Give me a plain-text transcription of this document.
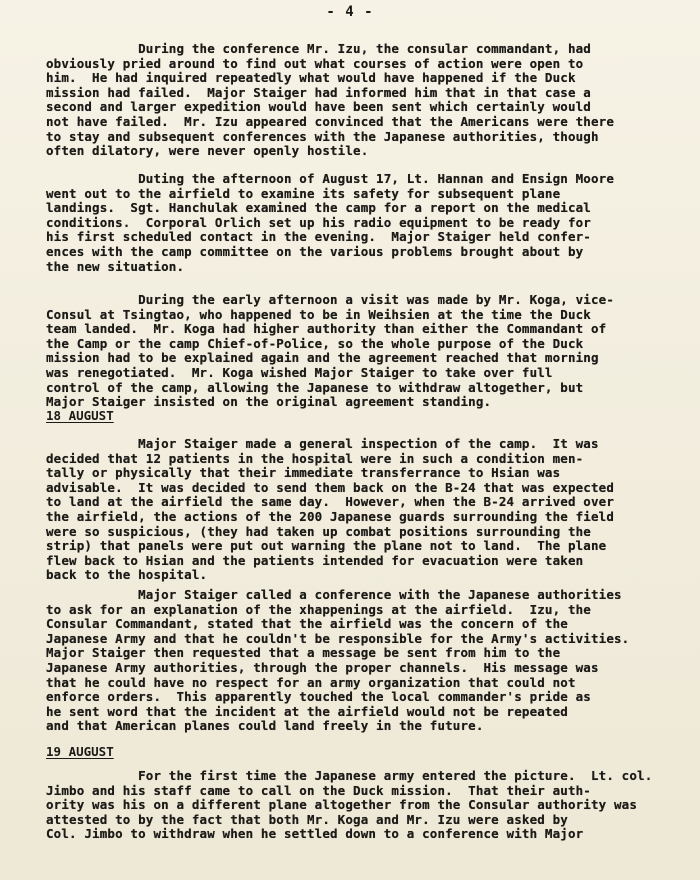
- 4 -
During the conference Mr. Izu, the consular commandant, had
obviously pried around to find out what courses of action were open to
him.  He had inquired repeatedly what would have happened if the Duck
mission had failed.  Major Staiger had informed him that in that case a
second and larger expedition would have been sent which certainly would
not have failed.  Mr. Izu appeared convinced that the Americans were there
to stay and subsequent conferences with the Japanese authorities, though
often dilatory, were never openly hostile.
Duting the afternoon of August 17, Lt. Hannan and Ensign Moore
went out to the airfield to examine its safety for subsequent plane
landings.  Sgt. Hanchulak examined the camp for a report on the medical
conditions.  Corporal Orlich set up his radio equipment to be ready for
his first scheduled contact in the evening.  Major Staiger held confer-
ences with the camp committee on the various problems brought about by
the new situation.
During the early afternoon a visit was made by Mr. Koga, vice-
Consul at Tsingtao, who happened to be in Weihsien at the time the Duck
team landed.  Mr. Koga had higher authority than either the Commandant of
the Camp or the camp Chief-of-Police, so the whole purpose of the Duck
mission had to be explained again and the agreement reached that morning
was renegotiated.  Mr. Koga wished Major Staiger to take over full
control of the camp, allowing the Japanese to withdraw altogether, but
Major Staiger insisted on the original agreement standing.
18 AUGUST
Major Staiger made a general inspection of the camp.  It was
decided that 12 patients in the hospital were in such a condition men-
tally or physically that their immediate transferrance to Hsian was
advisable.  It was decided to send them back on the B-24 that was expected
to land at the airfield the same day.  However, when the B-24 arrived over
the airfield, the actions of the 200 Japanese guards surrounding the field
were so suspicious, (they had taken up combat positions surrounding the
strip) that panels were put out warning the plane not to land.  The plane
flew back to Hsian and the patients intended for evacuation were taken
back to the hospital.
Major Staiger called a conference with the Japanese authorities
to ask for an explanation of the xhappenings at the airfield.  Izu, the
Consular Commandant, stated that the airfield was the concern of the
Japanese Army and that he couldn't be responsible for the Army's activities.
Major Staiger then requested that a message be sent from him to the
Japanese Army authorities, through the proper channels.  His message was
that he could have no respect for an army organization that could not
enforce orders.  This apparently touched the local commander's pride as
he sent word that the incident at the airfield would not be repeated
and that American planes could land freely in the future.
19 AUGUST
For the first time the Japanese army entered the picture.  Lt. col.
Jimbo and his staff came to call on the Duck mission.  That their auth-
ority was his on a different plane altogether from the Consular authority was
attested to by the fact that both Mr. Koga and Mr. Izu were asked by
Col. Jimbo to withdraw when he settled down to a conference with Major
